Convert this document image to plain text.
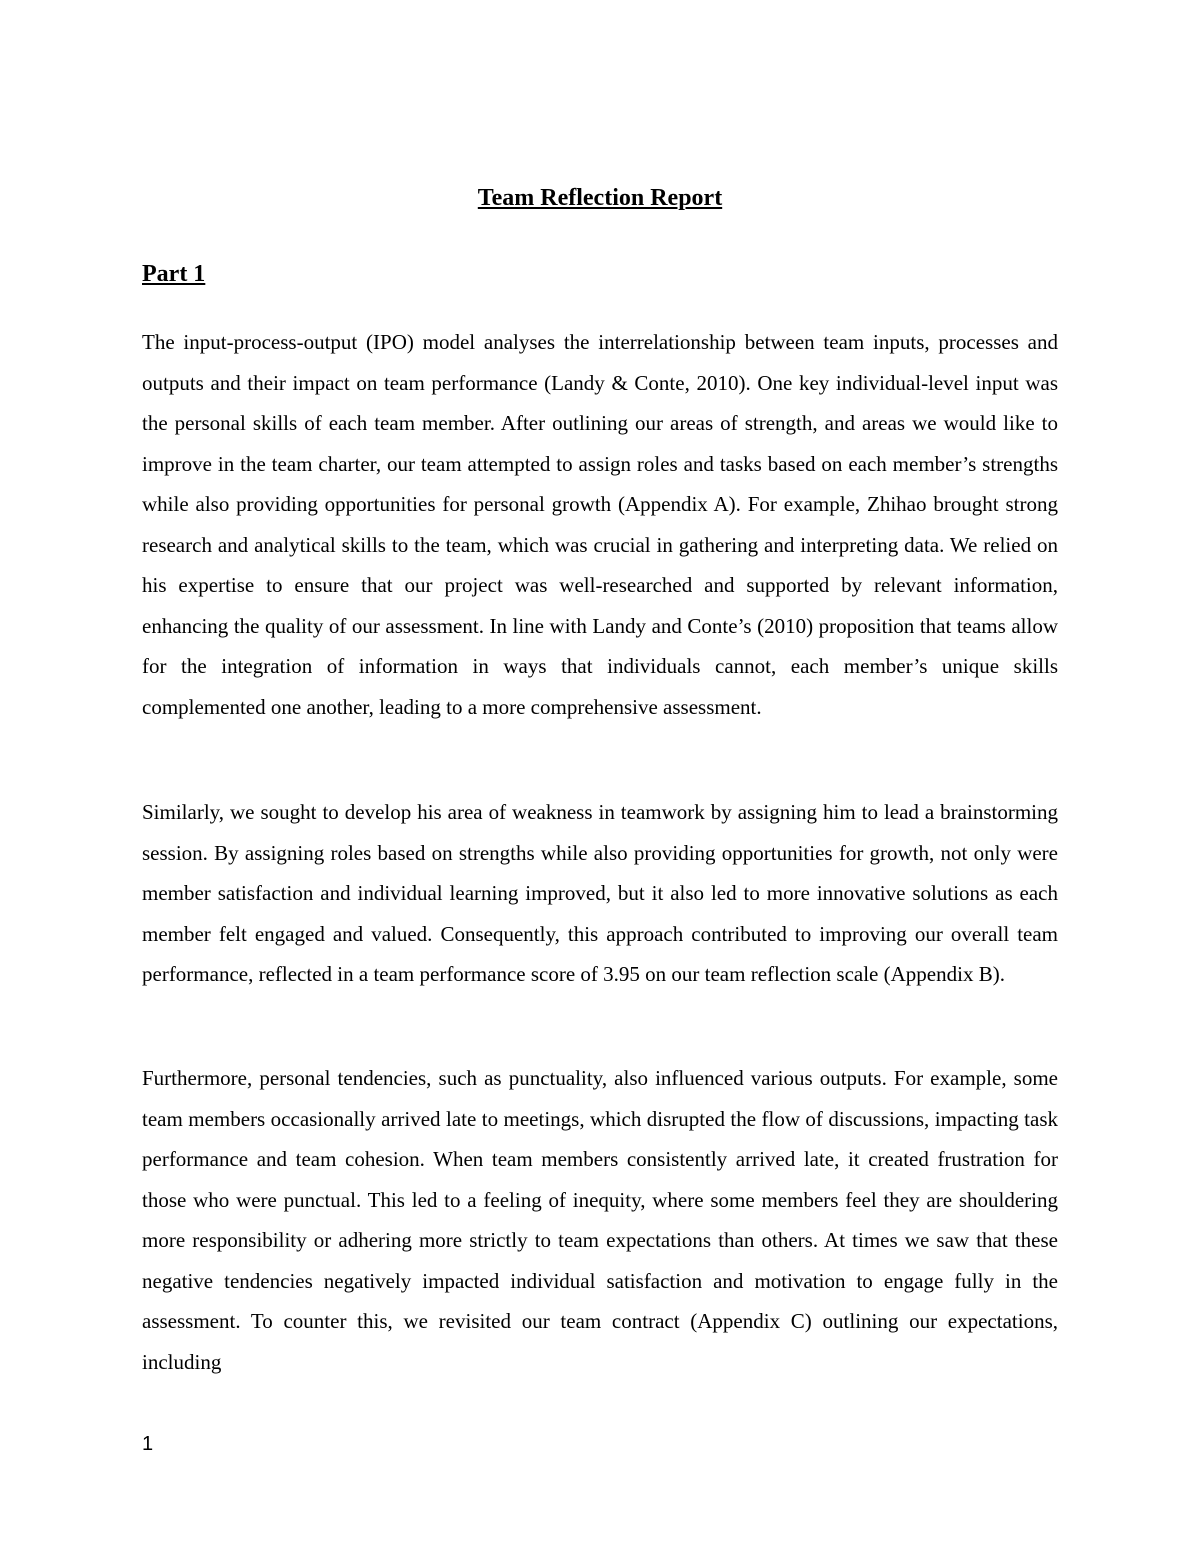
Team Reflection Report
Part 1

The input-process-output (IPO) model analyses the interrelationship between team inputs, processes and outputs and their impact on team performance (Landy & Conte, 2010). One key individual-level input was the personal skills of each team member. After outlining our areas of strength, and areas we would like to improve in the team charter, our team attempted to assign roles and tasks based on each member’s strengths while also providing opportunities for personal growth (Appendix A). For example, Zhihao brought strong research and analytical skills to the team, which was crucial in gathering and interpreting data. We relied on his expertise to ensure that our project was well-researched and supported by relevant information, enhancing the quality of our assessment. In line with Landy and Conte’s (2010) proposition that teams allow for the integration of information in ways that individuals cannot, each member’s unique skills complemented one another, leading to a more comprehensive assessment.

Similarly, we sought to develop his area of weakness in teamwork by assigning him to lead a brainstorming session. By assigning roles based on strengths while also providing opportunities for growth, not only were member satisfaction and individual learning improved, but it also led to more innovative solutions as each member felt engaged and valued. Consequently, this approach contributed to improving our overall team performance, reflected in a team performance score of 3.95 on our team reflection scale (Appendix B).

Furthermore, personal tendencies, such as punctuality, also influenced various outputs. For example, some team members occasionally arrived late to meetings, which disrupted the flow of discussions, impacting task performance and team cohesion. When team members consistently arrived late, it created frustration for those who were punctual. This led to a feeling of inequity, where some members feel they are shouldering more responsibility or adhering more strictly to team expectations than others. At times we saw that these negative tendencies negatively impacted individual satisfaction and motivation to engage fully in the assessment. To counter this, we revisited our team contract (Appendix C) outlining our expectations, including

1
